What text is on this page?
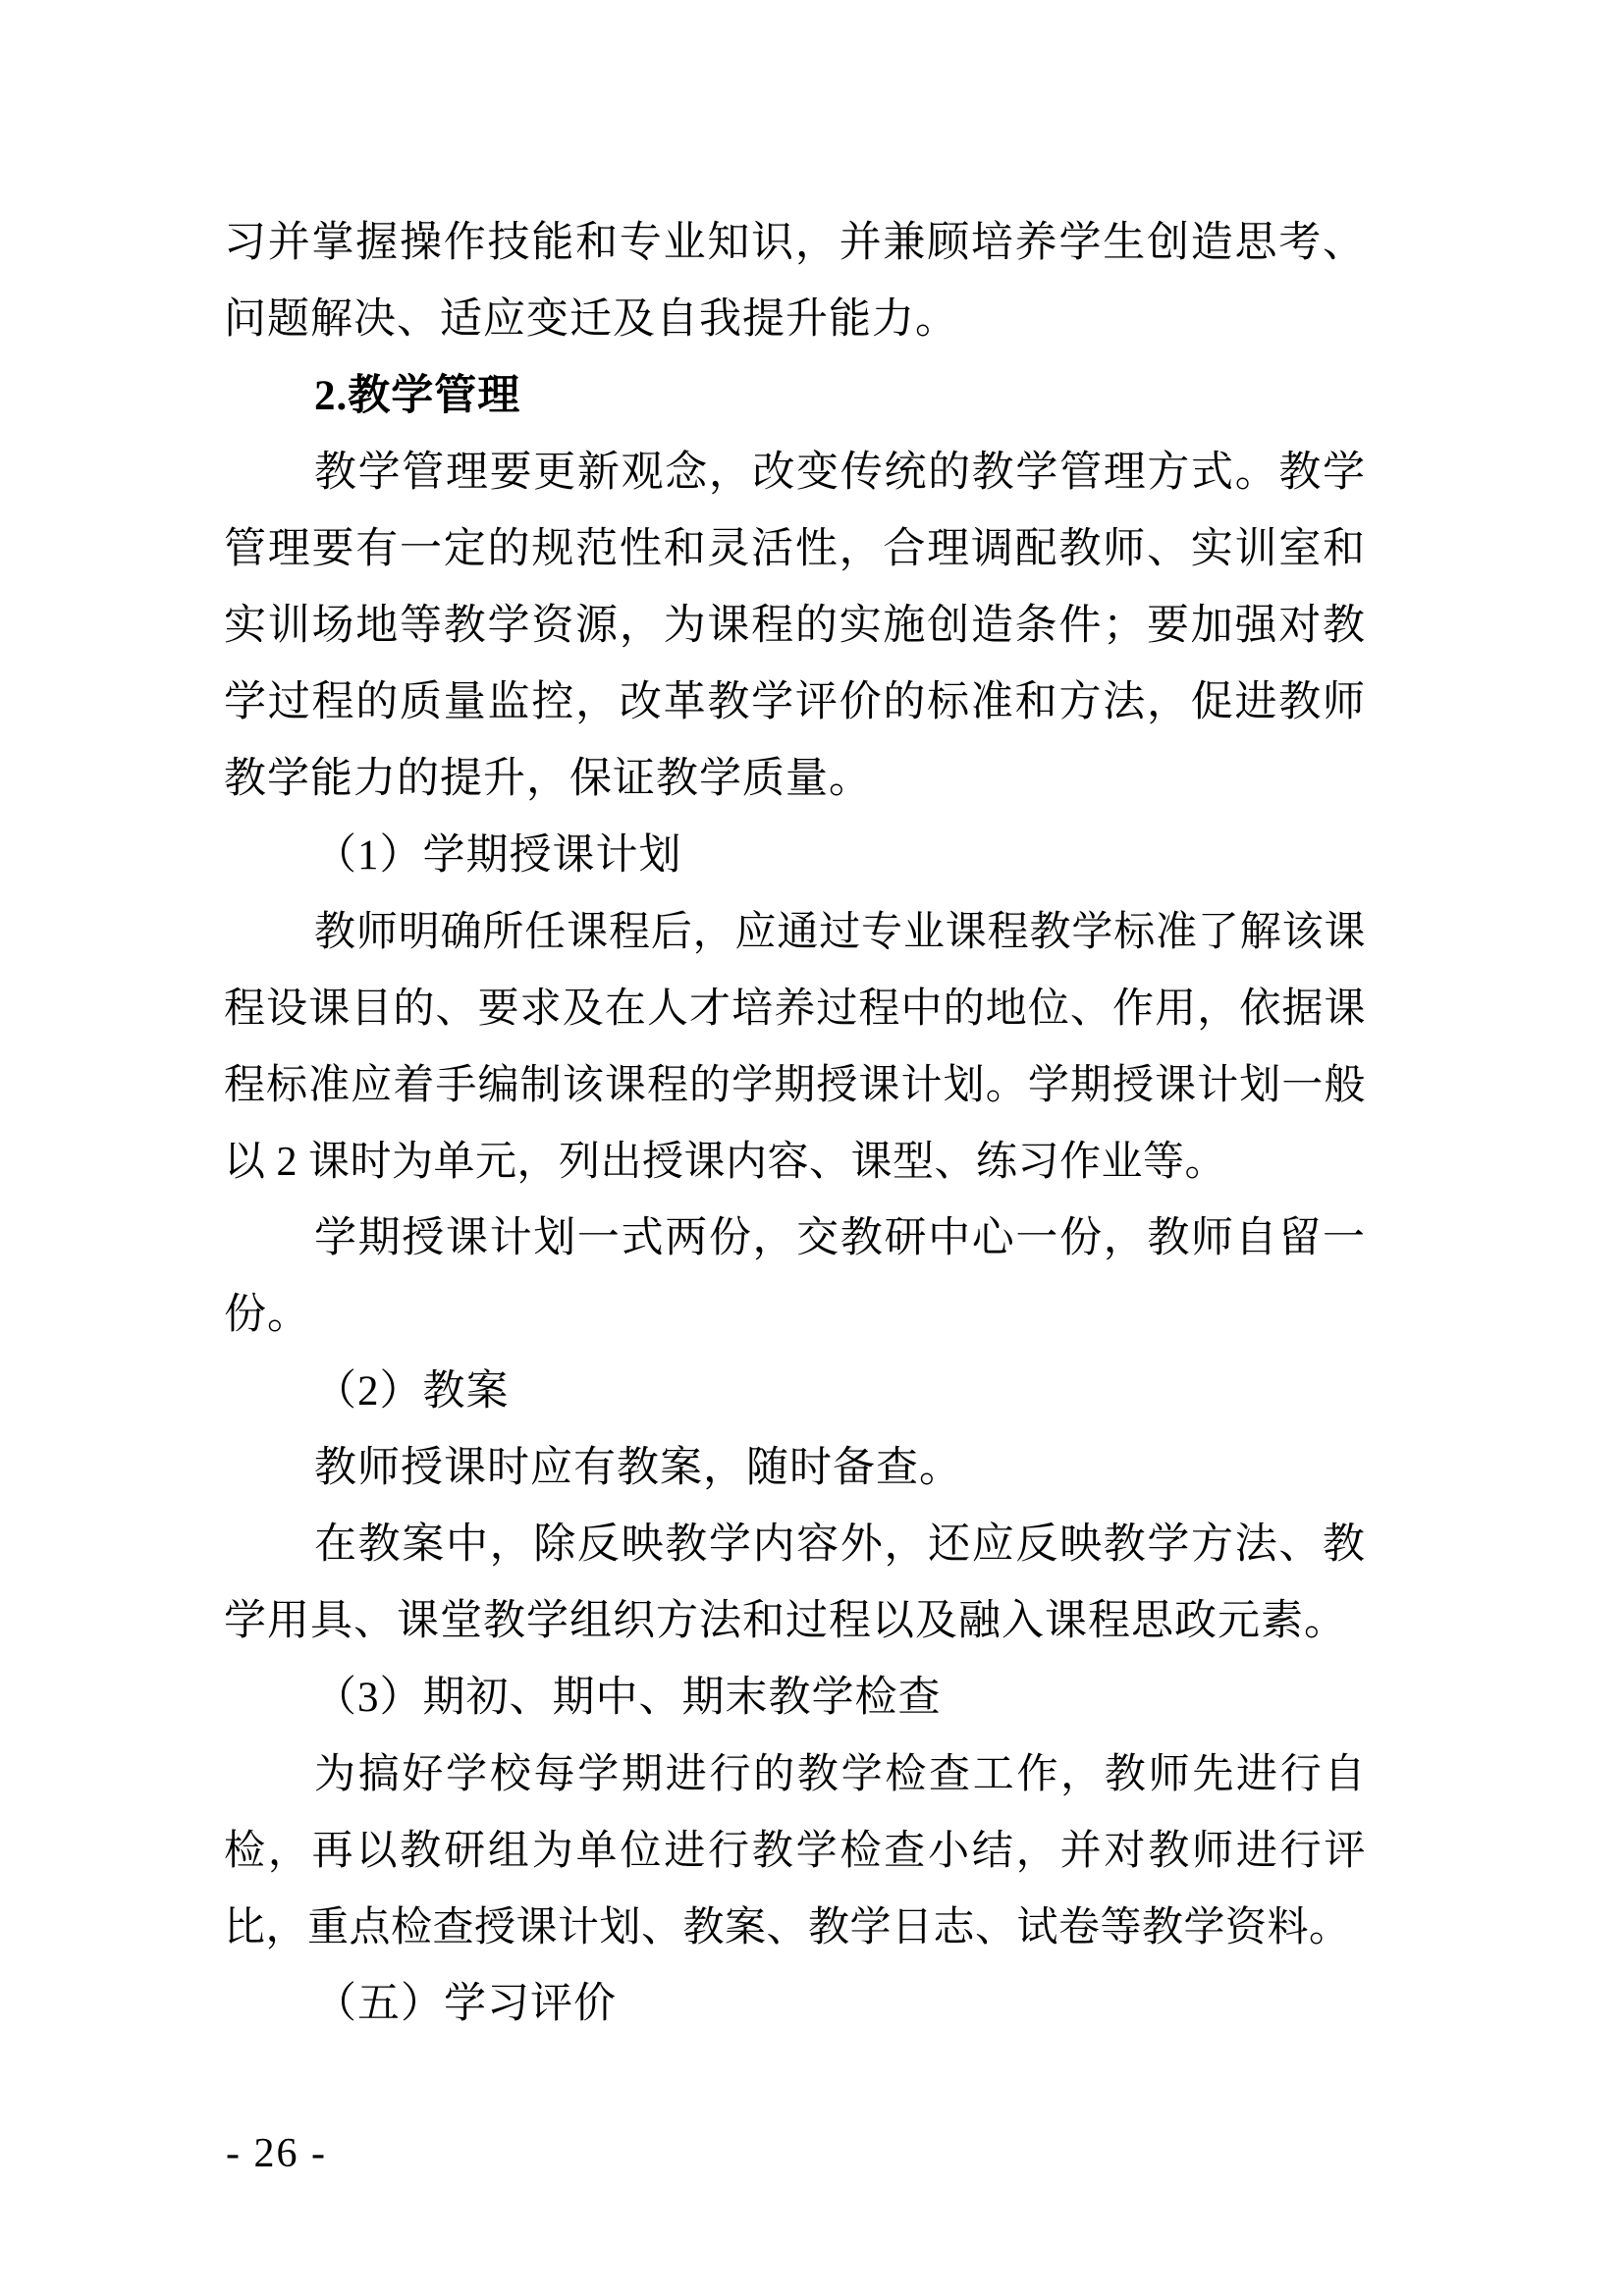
习并掌握操作技能和专业知识，并兼顾培养学生创造思考、问题解决、适应变迁及自我提升能力。

2.教学管理

教学管理要更新观念，改变传统的教学管理方式。教学管理要有一定的规范性和灵活性，合理调配教师、实训室和实训场地等教学资源，为课程的实施创造条件；要加强对教学过程的质量监控，改革教学评价的标准和方法，促进教师教学能力的提升，保证教学质量。

（1）学期授课计划

教师明确所任课程后，应通过专业课程教学标准了解该课程设课目的、要求及在人才培养过程中的地位、作用，依据课程标准应着手编制该课程的学期授课计划。学期授课计划一般以 2 课时为单元，列出授课内容、课型、练习作业等。

学期授课计划一式两份，交教研中心一份，教师自留一份。

（2）教案

教师授课时应有教案，随时备查。

在教案中，除反映教学内容外，还应反映教学方法、教学用具、课堂教学组织方法和过程以及融入课程思政元素。

（3）期初、期中、期末教学检查

为搞好学校每学期进行的教学检查工作，教师先进行自检，再以教研组为单位进行教学检查小结，并对教师进行评比，重点检查授课计划、教案、教学日志、试卷等教学资料。

（五）学习评价

- 26 -
